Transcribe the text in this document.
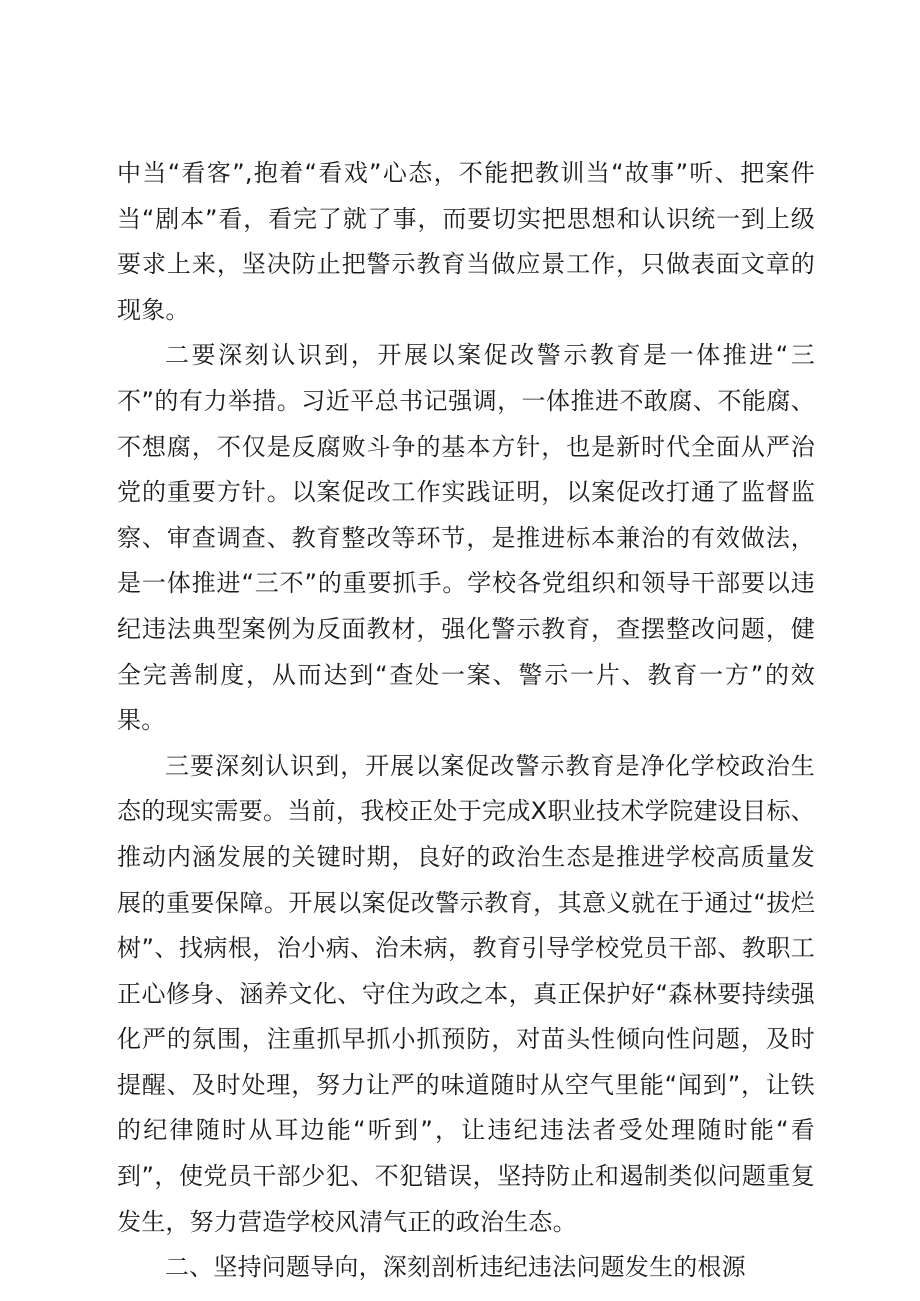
中当“看客”,抱着“看戏”心态，不能把教训当“故事”听、把案件当“剧本”看，看完了就了事，而要切实把思想和认识统一到上级要求上来，坚决防止把警示教育当做应景工作，只做表面文章的现象。

二要深刻认识到，开展以案促改警示教育是一体推进“三不”的有力举措。习近平总书记强调，一体推进不敢腐、不能腐、不想腐，不仅是反腐败斗争的基本方针，也是新时代全面从严治党的重要方针。以案促改工作实践证明，以案促改打通了监督监察、审查调查、教育整改等环节，是推进标本兼治的有效做法，是一体推进“三不”的重要抓手。学校各党组织和领导干部要以违纪违法典型案例为反面教材，强化警示教育，查摆整改问题，健全完善制度，从而达到“查处一案、警示一片、教育一方”的效果。

三要深刻认识到，开展以案促改警示教育是净化学校政治生态的现实需要。当前，我校正处于完成X职业技术学院建设目标、推动内涵发展的关键时期，良好的政治生态是推进学校高质量发展的重要保障。开展以案促改警示教育，其意义就在于通过“拔烂树”、找病根，治小病、治未病，教育引导学校党员干部、教职工正心修身、涵养文化、守住为政之本，真正保护好“森林要持续强化严的氛围，注重抓早抓小抓预防，对苗头性倾向性问题，及时提醒、及时处理，努力让严的味道随时从空气里能“闻到”，让铁的纪律随时从耳边能“听到”，让违纪违法者受处理随时能“看到”，使党员干部少犯、不犯错误，坚持防止和遏制类似问题重复发生，努力营造学校风清气正的政治生态。

二、坚持问题导向，深刻剖析违纪违法问题发生的根源
